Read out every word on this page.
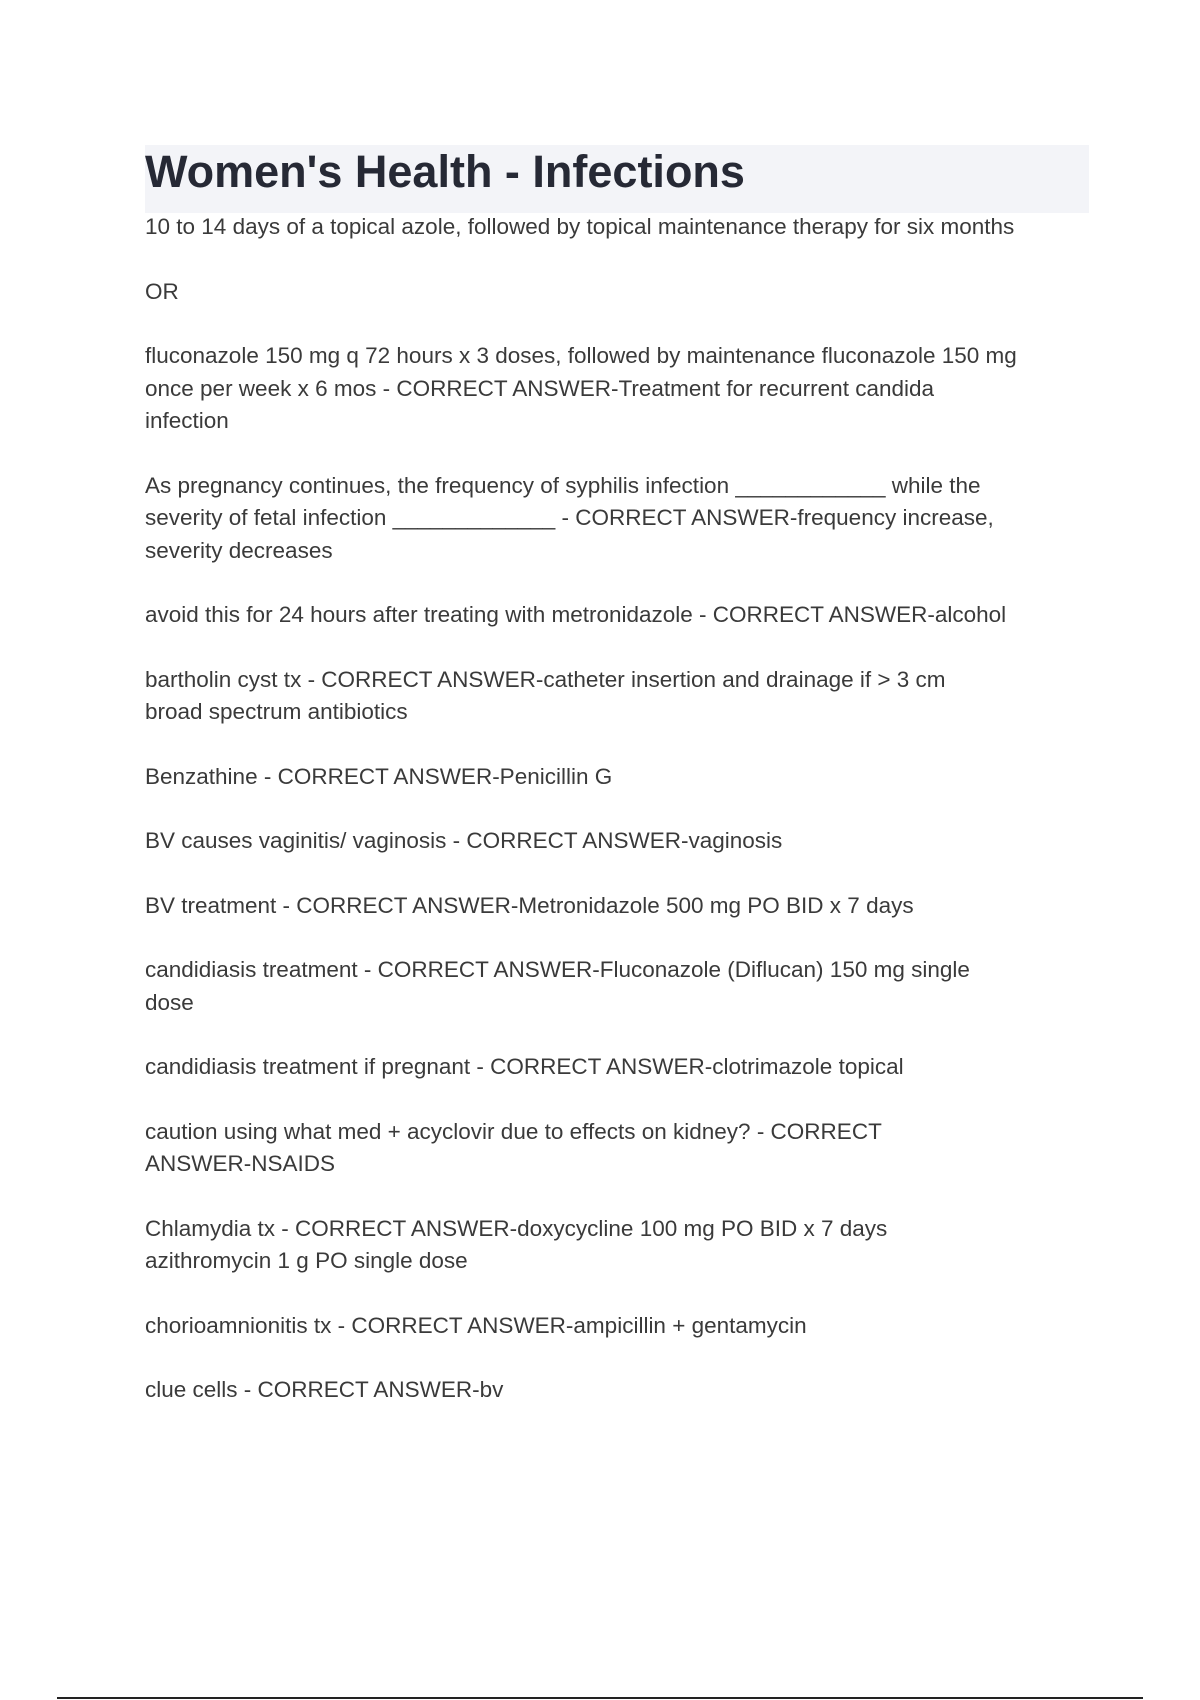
Women's Health - Infections

10 to 14 days of a topical azole, followed by topical maintenance therapy for six months

OR

fluconazole 150 mg q 72 hours x 3 doses, followed by maintenance fluconazole 150 mg
once per week x 6 mos - CORRECT ANSWER-Treatment for recurrent candida
infection

As pregnancy continues, the frequency of syphilis infection ____________ while the
severity of fetal infection _____________ - CORRECT ANSWER-frequency increase,
severity decreases

avoid this for 24 hours after treating with metronidazole - CORRECT ANSWER-alcohol

bartholin cyst tx - CORRECT ANSWER-catheter insertion and drainage if > 3 cm
broad spectrum antibiotics

Benzathine - CORRECT ANSWER-Penicillin G

BV causes vaginitis/ vaginosis - CORRECT ANSWER-vaginosis

BV treatment - CORRECT ANSWER-Metronidazole 500 mg PO BID x 7 days

candidiasis treatment - CORRECT ANSWER-Fluconazole (Diflucan) 150 mg single
dose

candidiasis treatment if pregnant - CORRECT ANSWER-clotrimazole topical

caution using what med + acyclovir due to effects on kidney? - CORRECT
ANSWER-NSAIDS

Chlamydia tx - CORRECT ANSWER-doxycycline 100 mg PO BID x 7 days
azithromycin 1 g PO single dose

chorioamnionitis tx - CORRECT ANSWER-ampicillin + gentamycin

clue cells - CORRECT ANSWER-bv
